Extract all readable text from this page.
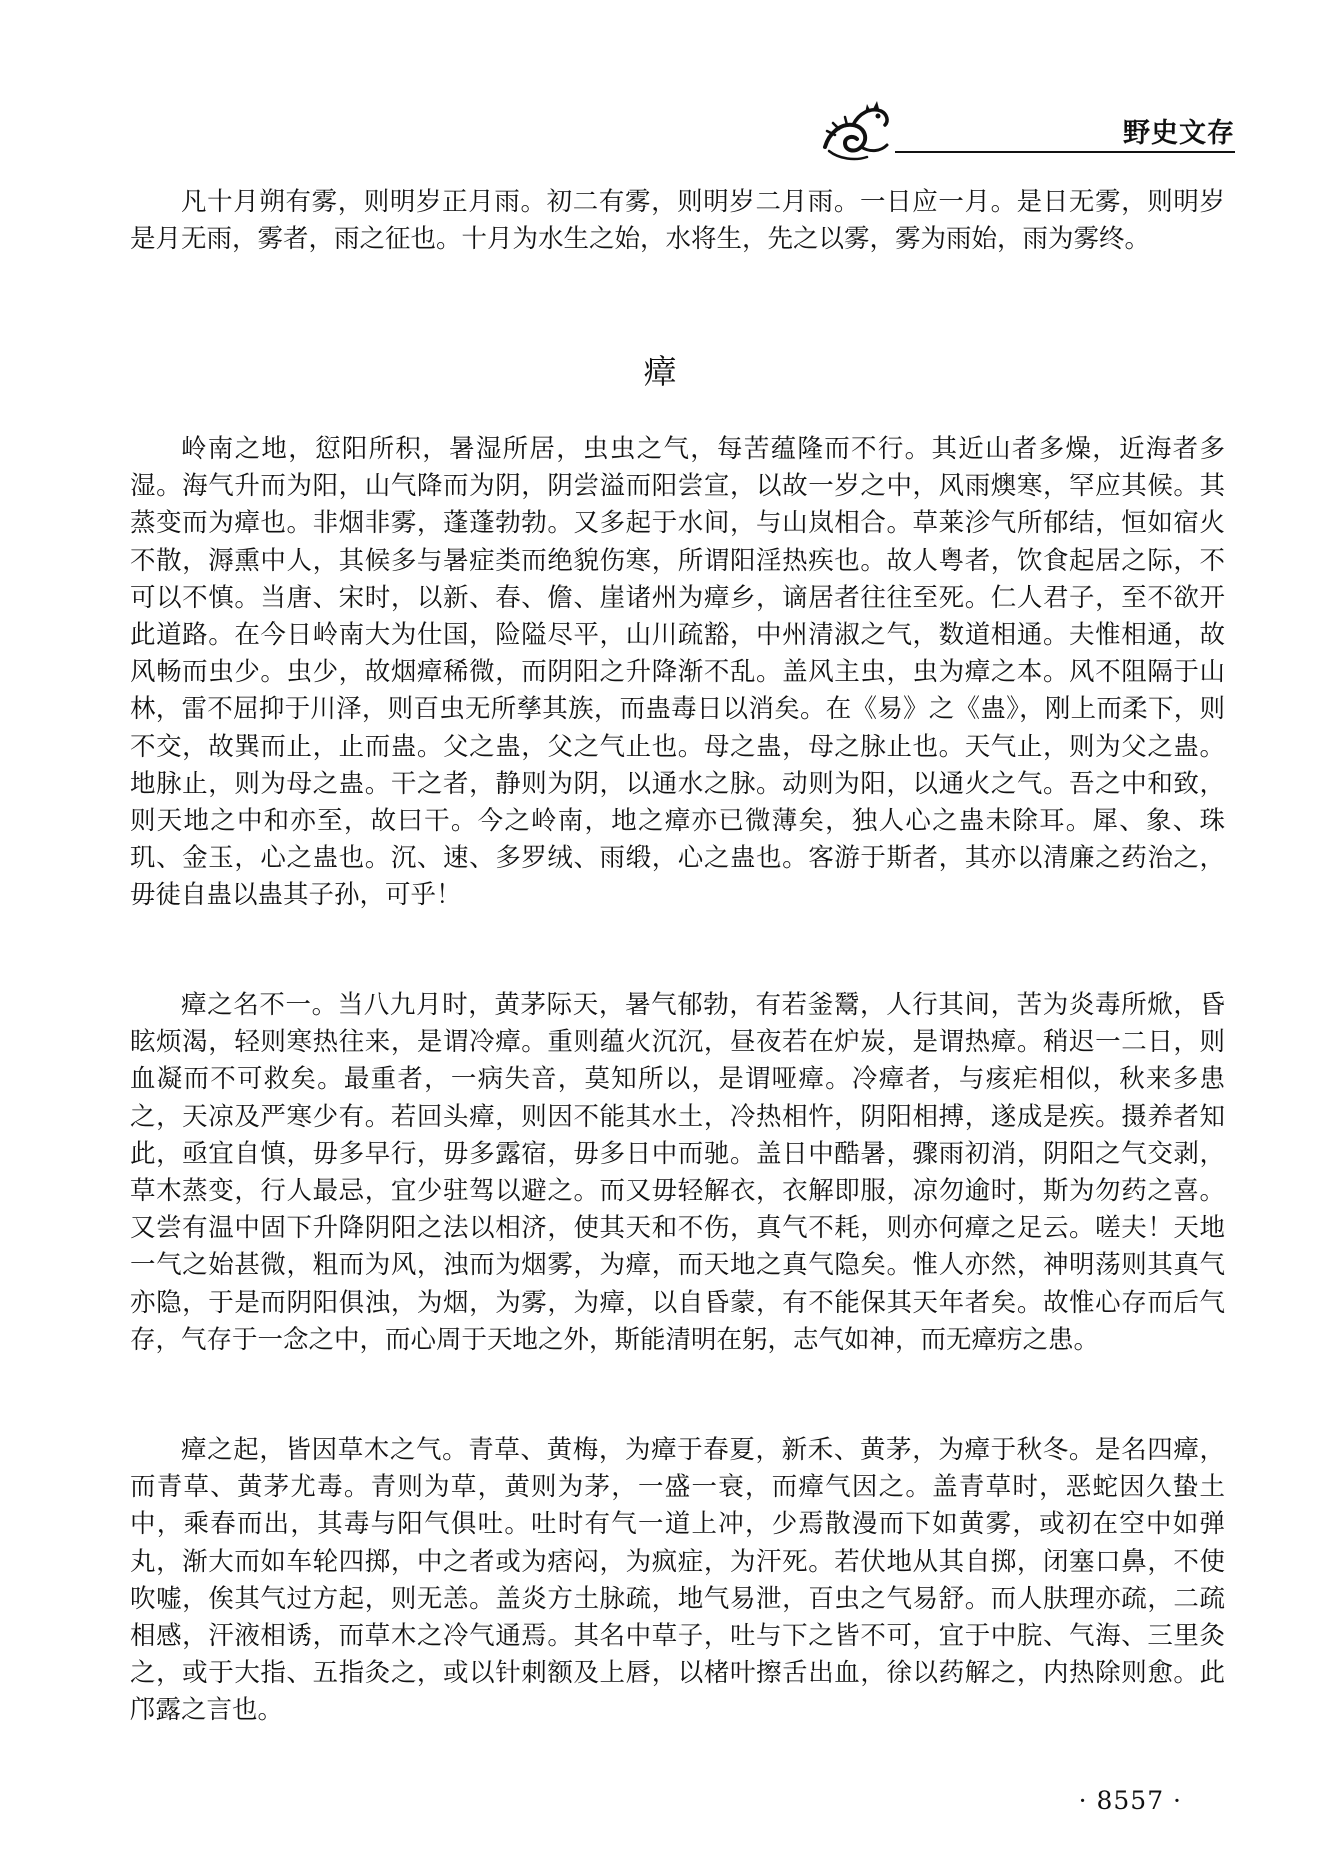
野史文存

凡十月朔有雾，则明岁正月雨。初二有雾，则明岁二月雨。一日应一月。是日无雾，则明岁是月无雨，雾者，雨之征也。十月为水生之始，水将生，先之以雾，雾为雨始，雨为雾终。

瘴

岭南之地，愆阳所积，暑湿所居，虫虫之气，每苦蕴隆而不行。其近山者多燥，近海者多湿。海气升而为阳，山气降而为阴，阴尝溢而阳尝宣，以故一岁之中，风雨燠寒，罕应其候。其蒸变而为瘴也。非烟非雾，蓬蓬勃勃。又多起于水间，与山岚相合。草莱沴气所郁结，恒如宿火不散，溽熏中人，其候多与暑症类而绝貌伤寒，所谓阳淫热疾也。故人粤者，饮食起居之际，不可以不慎。当唐、宋时，以新、春、儋、崖诸州为瘴乡，谪居者往往至死。仁人君子，至不欲开此道路。在今日岭南大为仕国，险隘尽平，山川疏豁，中州清淑之气，数道相通。夫惟相通，故风畅而虫少。虫少，故烟瘴稀微，而阴阳之升降渐不乱。盖风主虫，虫为瘴之本。风不阻隔于山林，雷不屈抑于川泽，则百虫无所孳其族，而蛊毒日以消矣。在《易》之《蛊》，刚上而柔下，则不交，故巽而止，止而蛊。父之蛊，父之气止也。母之蛊，母之脉止也。天气止，则为父之蛊。地脉止，则为母之蛊。干之者，静则为阴，以通水之脉。动则为阳，以通火之气。吾之中和致，则天地之中和亦至，故曰干。今之岭南，地之瘴亦已微薄矣，独人心之蛊未除耳。犀、象、珠玑、金玉，心之蛊也。沉、速、多罗绒、雨缎，心之蛊也。客游于斯者，其亦以清廉之药治之，毋徒自蛊以蛊其子孙，可乎！

瘴之名不一。当八九月时，黄茅际天，暑气郁勃，有若釜鬵，人行其间，苦为炎毒所焮，昏眩烦渴，轻则寒热往来，是谓冷瘴。重则蕴火沉沉，昼夜若在炉炭，是谓热瘴。稍迟一二日，则血凝而不可救矣。最重者，一病失音，莫知所以，是谓哑瘴。冷瘴者，与痎疟相似，秋来多患之，天凉及严寒少有。若回头瘴，则因不能其水土，冷热相忤，阴阳相搏，遂成是疾。摄养者知此，亟宜自慎，毋多早行，毋多露宿，毋多日中而驰。盖日中酷暑，骤雨初消，阴阳之气交剥，草木蒸变，行人最忌，宜少驻驾以避之。而又毋轻解衣，衣解即服，凉勿逾时，斯为勿药之喜。又尝有温中固下升降阴阳之法以相济，使其天和不伤，真气不耗，则亦何瘴之足云。嗟夫！天地一气之始甚微，粗而为风，浊而为烟雾，为瘴，而天地之真气隐矣。惟人亦然，神明荡则其真气亦隐，于是而阴阳俱浊，为烟，为雾，为瘴，以自昏蒙，有不能保其天年者矣。故惟心存而后气存，气存于一念之中，而心周于天地之外，斯能清明在躬，志气如神，而无瘴疠之患。

瘴之起，皆因草木之气。青草、黄梅，为瘴于春夏，新禾、黄茅，为瘴于秋冬。是名四瘴，而青草、黄茅尤毒。青则为草，黄则为茅，一盛一衰，而瘴气因之。盖青草时，恶蛇因久蛰土中，乘春而出，其毒与阳气俱吐。吐时有气一道上冲，少焉散漫而下如黄雾，或初在空中如弹丸，渐大而如车轮四掷，中之者或为痞闷，为疯症，为汗死。若伏地从其自掷，闭塞口鼻，不使吹嘘，俟其气过方起，则无恙。盖炎方土脉疏，地气易泄，百虫之气易舒。而人肤理亦疏，二疏相感，汗液相诱，而草木之冷气通焉。其名中草子，吐与下之皆不可，宜于中脘、气海、三里灸之，或于大指、五指灸之，或以针刺额及上唇，以楮叶擦舌出血，徐以药解之，内热除则愈。此邝露之言也。

· 8557 ·
